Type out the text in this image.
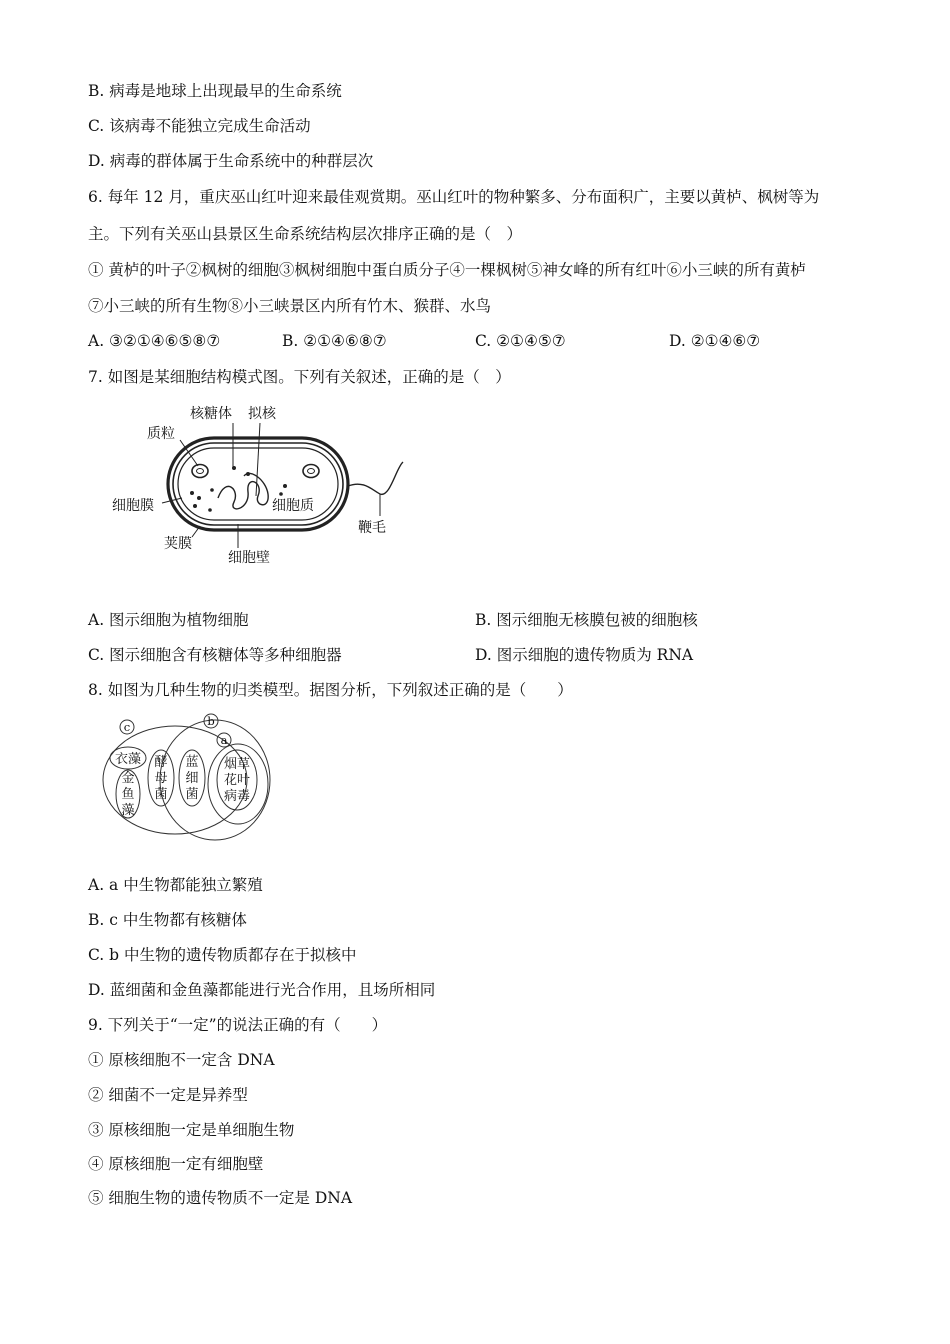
B. 病毒是地球上出现最早的生命系统
C. 该病毒不能独立完成生命活动
D. 病毒的群体属于生命系统中的种群层次
6. 每年 12 月，重庆巫山红叶迎来最佳观赏期。巫山红叶的物种繁多、分布面积广，主要以黄栌、枫树等为
主。下列有关巫山县景区生命系统结构层次排序正确的是（　）
① 黄栌的叶子②枫树的细胞③枫树细胞中蛋白质分子④一棵枫树⑤神女峰的所有红叶⑥小三峡的所有黄栌
⑦小三峡的所有生物⑧小三峡景区内所有竹木、猴群、水鸟
A. ③②①④⑥⑤⑧⑦	B. ②①④⑥⑧⑦	C. ②①④⑤⑦	D. ②①④⑥⑦
7. 如图是某细胞结构模式图。下列有关叙述，正确的是（　）
核糖体 拟核
质粒
细胞膜	细胞质
荚膜
鞭毛
细胞壁
A. 图示细胞为植物细胞	B. 图示细胞无核膜包被的细胞核
C. 图示细胞含有核糖体等多种细胞器	D. 图示细胞的遗传物质为 RNA
8. 如图为几种生物的归类模型。据图分析，下列叙述正确的是（　　）
c	b
a
衣藻
金
鱼
藻
酵
母
菌
蓝
细
菌
烟草
花叶
病毒
A. a 中生物都能独立繁殖
B. c 中生物都有核糖体
C. b 中生物的遗传物质都存在于拟核中
D. 蓝细菌和金鱼藻都能进行光合作用，且场所相同
9. 下列关于“一定”的说法正确的有（　　）
① 原核细胞不一定含 DNA
② 细菌不一定是异养型
③ 原核细胞一定是单细胞生物
④ 原核细胞一定有细胞壁
⑤ 细胞生物的遗传物质不一定是 DNA
